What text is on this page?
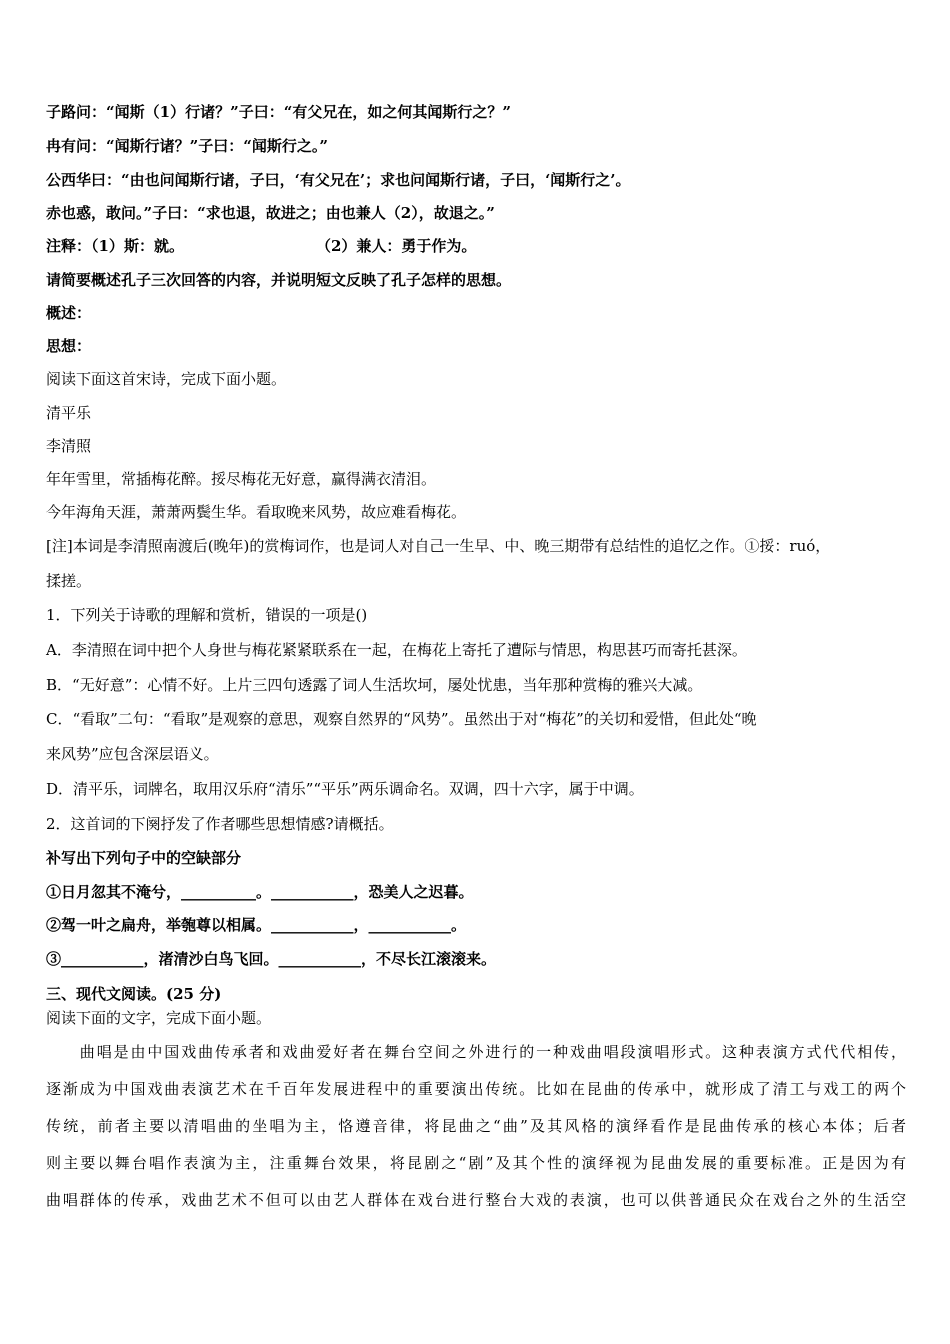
子路问：“闻斯（1）行诸？”子曰：“有父兄在，如之何其闻斯行之？”
冉有问：“闻斯行诸？”子曰：“闻斯行之。”
公西华曰：“由也问闻斯行诸，子曰，‘有父兄在’；求也问闻斯行诸，子曰，‘闻斯行之’。
赤也惑，敢问。”子曰：“求也退，故进之；由也兼人（2），故退之。”
注释：（1）斯：就。	（2）兼人：勇于作为。
请简要概述孔子三次回答的内容，并说明短文反映了孔子怎样的思想。
概述：
思想：
阅读下面这首宋诗，完成下面小题。
清平乐
李清照
年年雪里，常插梅花醉。挼尽梅花无好意，赢得满衣清泪。
今年海角天涯，萧萧两鬓生华。看取晚来风势，故应难看梅花。
[注]本词是李清照南渡后(晚年)的赏梅词作，也是词人对自己一生早、中、晚三期带有总结性的追忆之作。①挼：ruó，
揉搓。
1．下列关于诗歌的理解和赏析，错误的一项是()
A．李清照在词中把个人身世与梅花紧紧联系在一起，在梅花上寄托了遭际与情思，构思甚巧而寄托甚深。
B．“无好意”：心情不好。上片三四句透露了词人生活坎坷，屡处忧患，当年那种赏梅的雅兴大减。
C．“看取”二句：“看取”是观察的意思，观察自然界的“风势”。虽然出于对“梅花”的关切和爱惜，但此处“晚
来风势”应包含深层语义。
D．清平乐，词牌名，取用汉乐府“清乐”“平乐”两乐调命名。双调，四十六字，属于中调。
2．这首词的下阕抒发了作者哪些思想情感?请概括。
补写出下列句子中的空缺部分
①日月忽其不淹兮，__________。___________，恐美人之迟暮。
②驾一叶之扁舟，举匏尊以相属。___________，___________。
③___________，渚清沙白鸟飞回。___________，不尽长江滚滚来。
三、现代文阅读。(25 分)
阅读下面的文字，完成下面小题。
　　曲唱是由中国戏曲传承者和戏曲爱好者在舞台空间之外进行的一种戏曲唱段演唱形式。这种表演方式代代相传，
逐渐成为中国戏曲表演艺术在千百年发展进程中的重要演出传统。比如在昆曲的传承中，就形成了清工与戏工的两个
传统，前者主要以清唱曲的坐唱为主，恪遵音律，将昆曲之“曲”及其风格的演绎看作是昆曲传承的核心本体；后者
则主要以舞台唱作表演为主，注重舞台效果，将昆剧之“剧”及其个性的演绎视为昆曲发展的重要标准。正是因为有
曲唱群体的传承，戏曲艺术不但可以由艺人群体在戏台进行整台大戏的表演，也可以供普通民众在戏台之外的生活空
